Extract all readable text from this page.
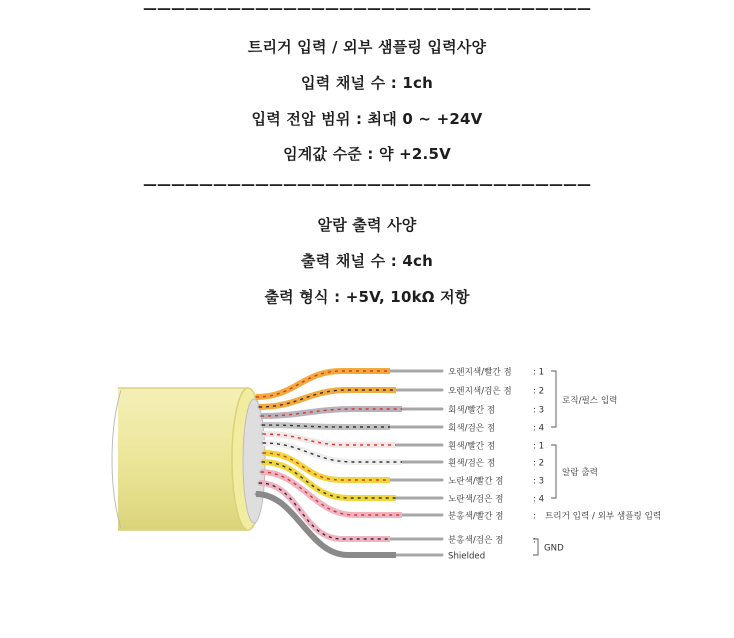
————————————————————————————————
트리거 입력 / 외부 샘플링 입력사양
입력 채널 수 : 1ch
입력 전압 범위 : 최대 0 ~ +24V
임계값 수준 : 약 +2.5V
————————————————————————————————
알람 출력 사양
출력 채널 수 : 4ch
출력 형식 : +5V, 10kΩ 저항
오렌지색/빨간 점 : 1
오렌지색/검은 점 : 2
회색/빨간 점	: 3
회색/검은 점	: 4
흰색/빨간 점	: 1
흰색/검은 점	: 2
노란색/빨간 점	: 3
노란색/검은 점	: 4
분홍색/빨간 점	:
분홍색/검은 점	:
Shielded
로직/펄스 입력
알람 출력
트리거 입력 / 외부 샘플링 입력
GND
